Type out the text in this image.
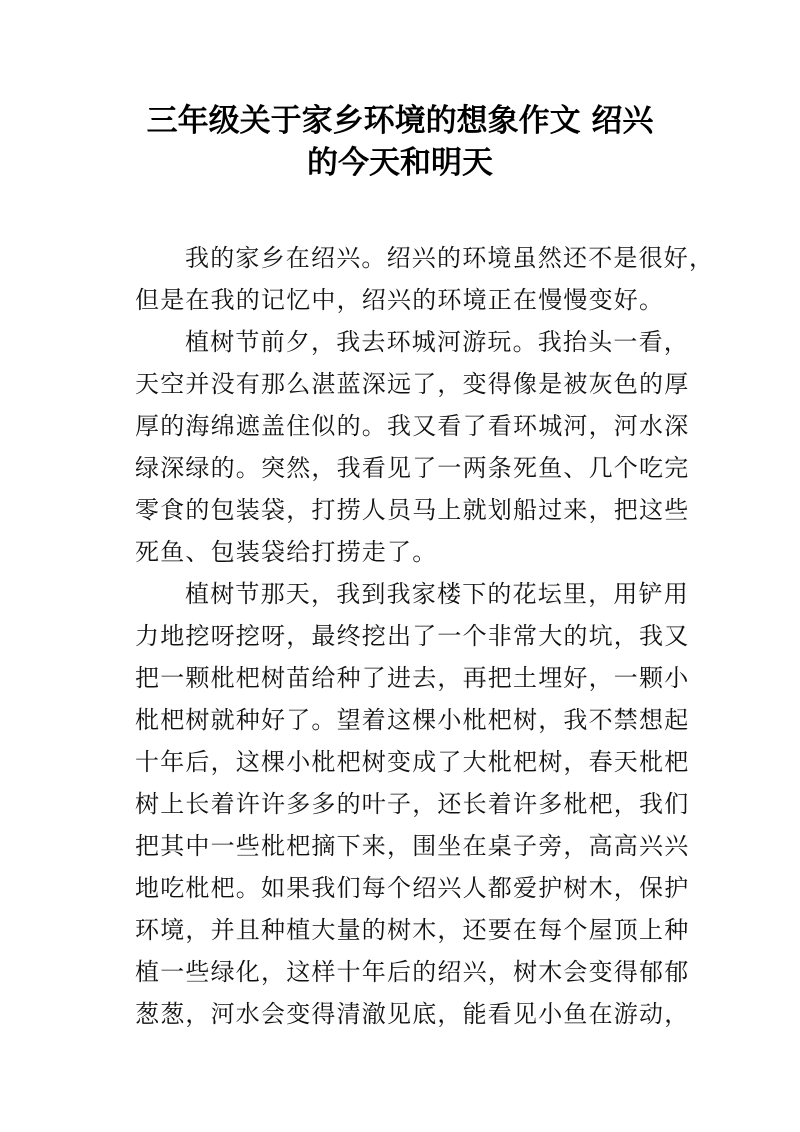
三年级关于家乡环境的想象作文 绍兴
的今天和明天
我的家乡在绍兴。绍兴的环境虽然还不是很好，
但是在我的记忆中，绍兴的环境正在慢慢变好。
植树节前夕，我去环城河游玩。我抬头一看，
天空并没有那么湛蓝深远了，变得像是被灰色的厚
厚的海绵遮盖住似的。我又看了看环城河，河水深
绿深绿的。突然，我看见了一两条死鱼、几个吃完
零食的包装袋，打捞人员马上就划船过来，把这些
死鱼、包装袋给打捞走了。
植树节那天，我到我家楼下的花坛里，用铲用
力地挖呀挖呀，最终挖出了一个非常大的坑，我又
把一颗枇杷树苗给种了进去，再把土埋好，一颗小
枇杷树就种好了。望着这棵小枇杷树，我不禁想起
十年后，这棵小枇杷树变成了大枇杷树，春天枇杷
树上长着许许多多的叶子，还长着许多枇杷，我们
把其中一些枇杷摘下来，围坐在桌子旁，高高兴兴
地吃枇杷。如果我们每个绍兴人都爱护树木，保护
环境，并且种植大量的树木，还要在每个屋顶上种
植一些绿化，这样十年后的绍兴，树木会变得郁郁
葱葱，河水会变得清澈见底，能看见小鱼在游动，
